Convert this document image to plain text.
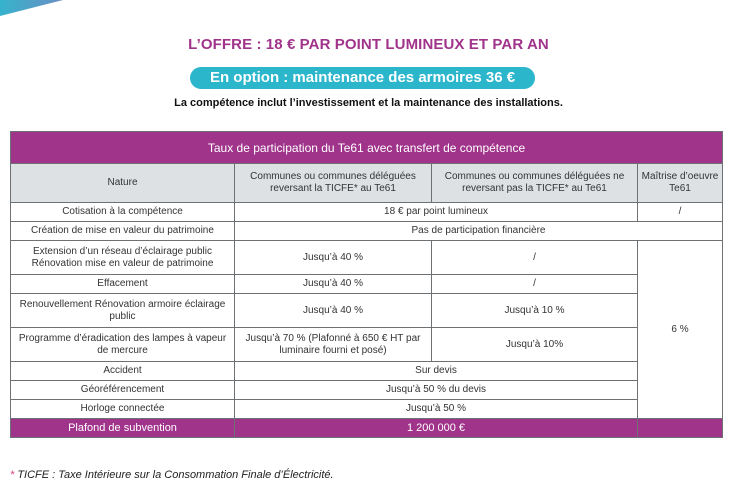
L’OFFRE : 18 € PAR POINT LUMINEUX ET PAR AN
En option : maintenance des armoires 36 €
La compétence inclut l’investissement et la maintenance des installations.
Taux de participation du Te61 avec transfert de compétence			
Nature	Communes ou communes déléguées reversant la TICFE* au Te61	Communes ou communes déléguées ne reversant pas la TICFE* au Te61	Maîtrise d’oeuvre Te61
Cotisation à la compétence	18 € par point lumineux		/
Création de mise en valeur du patrimoine	Pas de participation financière		
Extension d’un réseau d’éclairage public Rénovation mise en valeur de patrimoine	Jusqu’à 40 %	/	6 %
Effacement	Jusqu’à 40 %	/	
Renouvellement Rénovation armoire éclairage public	Jusqu’à 40 %	Jusqu’à 10 %	
Programme d’éradication des lampes à vapeur de mercure	Jusqu’à 70 % (Plafonné à 650 € HT par luminaire fourni et posé)	Jusqu’à 10%	
Accident	Sur devis		
Géoréférencement	Jusqu’à 50 % du devis		
Horloge connectée	Jusqu’à 50 %		
Plafond de subvention	1 200 000 €		
* TICFE : Taxe Intérieure sur la Consommation Finale d’Électricité.
